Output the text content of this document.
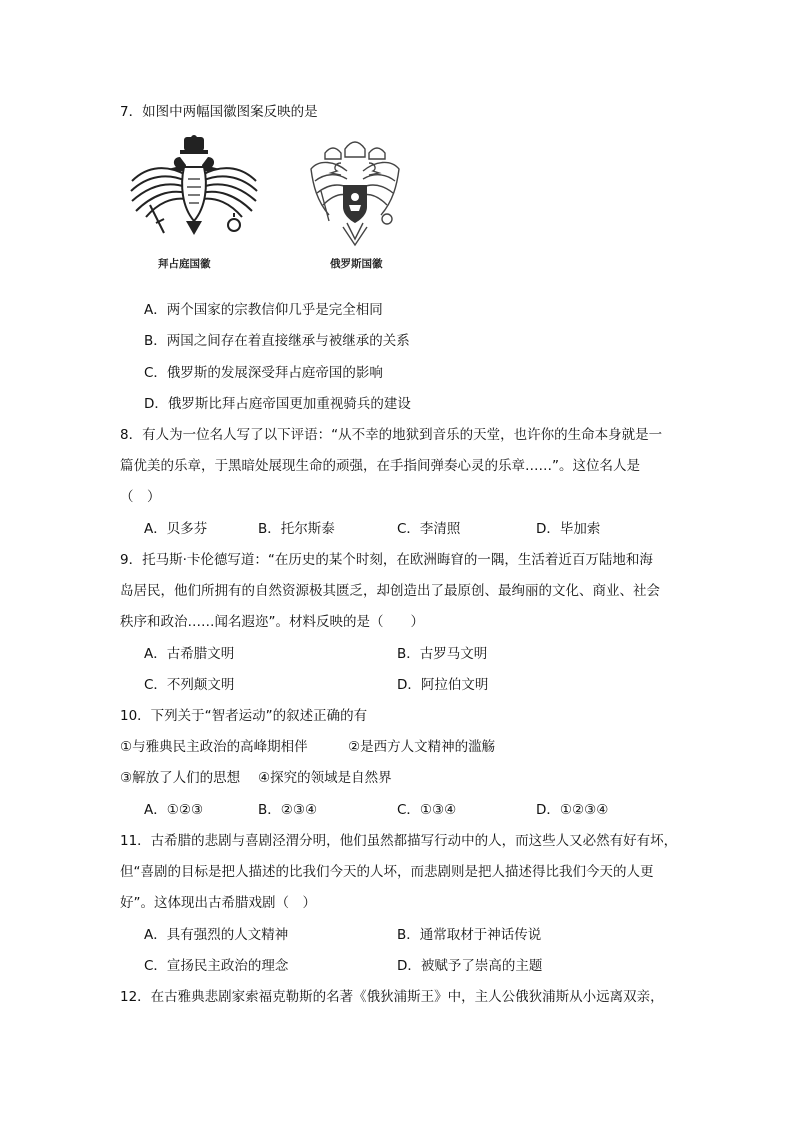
7．如图中两幅国徽图案反映的是
拜占庭国徽	俄罗斯国徽
A．两个国家的宗教信仰几乎是完全相同
B．两国之间存在着直接继承与被继承的关系
C．俄罗斯的发展深受拜占庭帝国的影响
D．俄罗斯比拜占庭帝国更加重视骑兵的建设
8．有人为一位名人写了以下评语：“从不幸的地狱到音乐的天堂，也许你的生命本身就是一
篇优美的乐章，于黑暗处展现生命的顽强，在手指间弹奏心灵的乐章……”。这位名人是
（　）
A．贝多芬	B．托尔斯泰	C．李清照	D．毕加索
9．托马斯·卡伦德写道：“在历史的某个时刻，在欧洲晦窅的一隅，生活着近百万陆地和海
岛居民，他们所拥有的自然资源极其匮乏，却创造出了最原创、最绚丽的文化、商业、社会
秩序和政治……闻名遐迩”。材料反映的是（　　）
A．古希腊文明	B．古罗马文明
C．不列颠文明	D．阿拉伯文明
10．下列关于“智者运动”的叙述正确的有
①与雅典民主政治的高峰期相伴	②是西方人文精神的滥觞
③解放了人们的思想 ④探究的领域是自然界
A．①②③	B．②③④	C．①③④	D．①②③④
11．古希腊的悲剧与喜剧泾渭分明，他们虽然都描写行动中的人，而这些人又必然有好有坏，
但“喜剧的目标是把人描述的比我们今天的人坏，而悲剧则是把人描述得比我们今天的人更
好”。这体现出古希腊戏剧（　）
A．具有强烈的人文精神	B．通常取材于神话传说
C．宣扬民主政治的理念	D．被赋予了崇高的主题
12．在古雅典悲剧家索福克勒斯的名著《俄狄浦斯王》中，主人公俄狄浦斯从小远离双亲，
